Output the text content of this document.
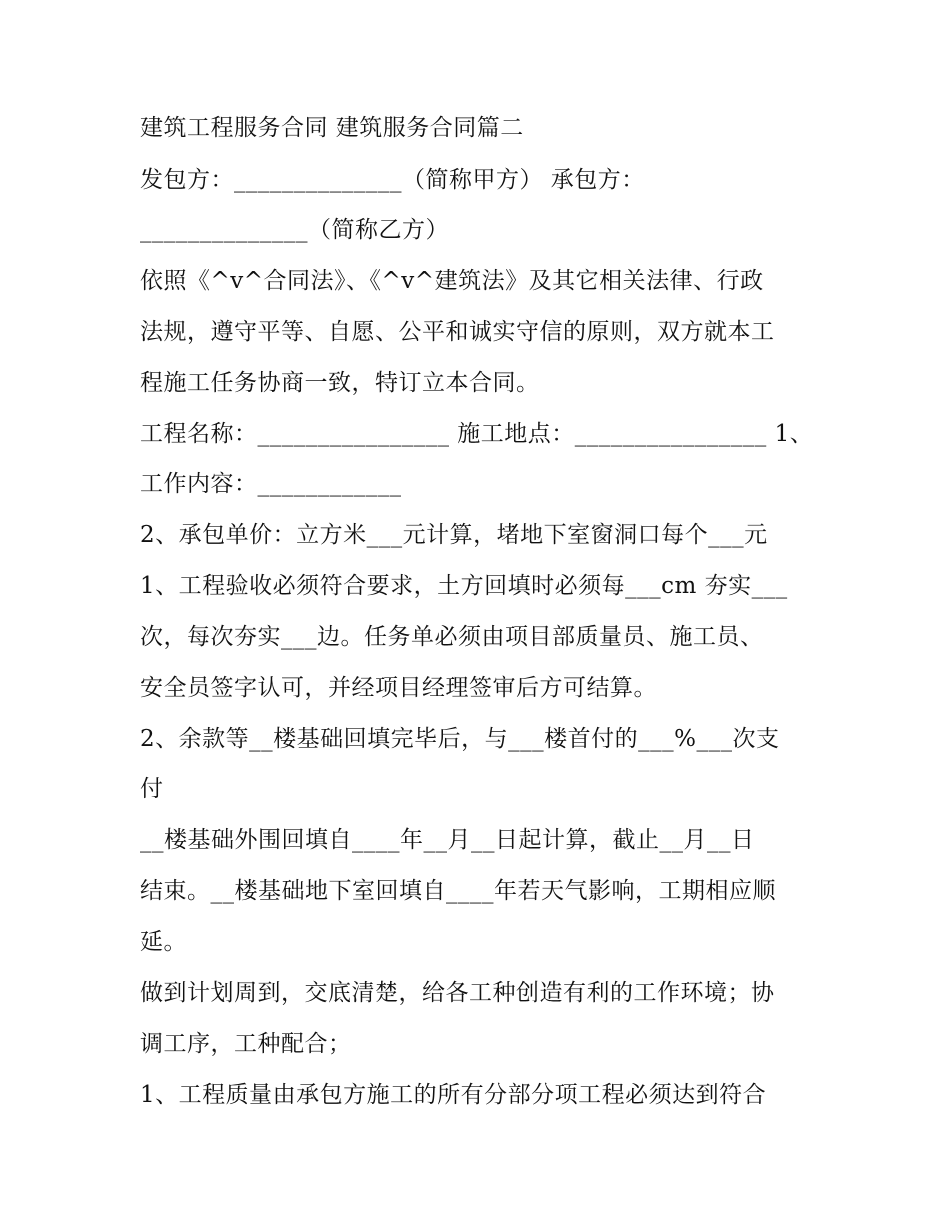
建筑工程服务合同 建筑服务合同篇二
发包方：______________（简称甲方） 承包方：
______________（简称乙方）
依照《^v^合同法》、《^v^建筑法》及其它相关法律、行政
法规，遵守平等、自愿、公平和诚实守信的原则，双方就本工
程施工任务协商一致，特订立本合同。
工程名称：________________ 施工地点：________________ 1、
工作内容：____________
2、承包单价：立方米___元计算，堵地下室窗洞口每个___元
1、工程验收必须符合要求，土方回填时必须每___cm 夯实___
次，每次夯实___边。任务单必须由项目部质量员、施工员、
安全员签字认可，并经项目经理签审后方可结算。
2、余款等__楼基础回填完毕后，与___楼首付的___%___次支
付
__楼基础外围回填自____年__月__日起计算，截止__月__日
结束。__楼基础地下室回填自____年若天气影响，工期相应顺
延。
做到计划周到，交底清楚，给各工种创造有利的工作环境；协
调工序，工种配合；
1、工程质量由承包方施工的所有分部分项工程必须达到符合
